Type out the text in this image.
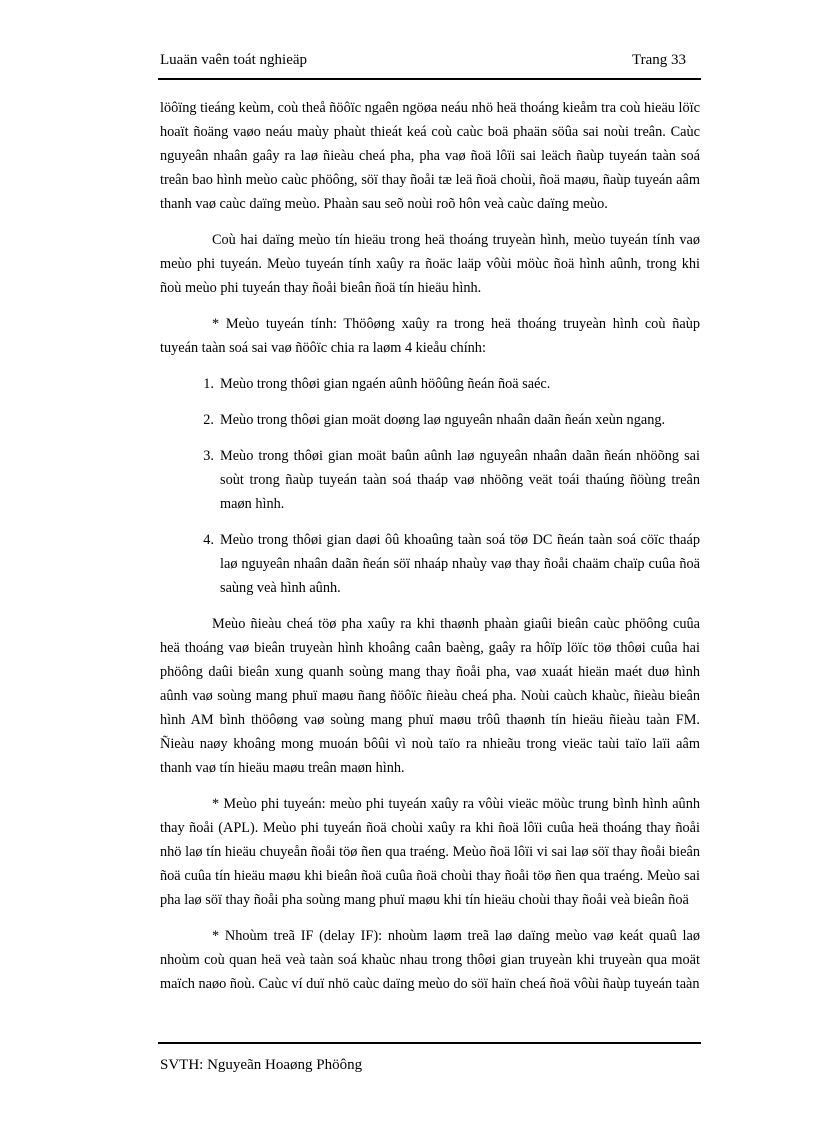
Luaän vaên toát nghieäp	Trang 33

löôïng tieáng keùm, coù theå ñöôïc ngaên ngöøa neáu nhö heä thoáng kieåm tra coù hieäu löïc hoaït ñoäng vaøo neáu maùy phaùt thieát keá coù caùc boä phaän söûa sai noùi treân. Caùc nguyeân nhaân gaây ra laø ñieàu cheá pha, pha vaø ñoä lôïi sai leäch ñaùp tuyeán taàn soá treân bao hình meùo caùc phöông, söï thay ñoåi tæ leä ñoä choùi, ñoä maøu, ñaùp tuyeán aâm thanh vaø caùc daïng meùo. Phaàn sau seõ noùi roõ hôn veà caùc daïng meùo.

Coù hai daïng meùo tín hieäu trong heä thoáng truyeàn hình, meùo tuyeán tính vaø meùo phi tuyeán. Meùo tuyeán tính xaûy ra ñoäc laäp vôùi möùc ñoä hình aûnh, trong khi ñoù meùo phi tuyeán thay ñoåi bieân ñoä tín hieäu hình.

* Meùo tuyeán tính: Thöôøng xaûy ra trong heä thoáng truyeàn hình coù ñaùp tuyeán taàn soá sai vaø ñöôïc chia ra laøm 4 kieåu chính:

1. Meùo trong thôøi gian ngaén aûnh höôûng ñeán ñoä saéc.
2. Meùo trong thôøi gian moät doøng laø nguyeân nhaân daãn ñeán xeùn ngang.
3. Meùo trong thôøi gian moät baûn aûnh laø nguyeân nhaân daãn ñeán nhöõng sai soùt trong ñaùp tuyeán taàn soá thaáp vaø nhöõng veät toái thaúng ñöùng treân maøn hình.
4. Meùo trong thôøi gian daøi ôû khoaûng taàn soá töø DC ñeán taàn soá cöïc thaáp laø nguyeân nhaân daãn ñeán söï nhaáp nhaùy vaø thay ñoåi chaäm chaïp cuûa ñoä saùng veà hình aûnh.

Meùo ñieàu cheá töø pha xaûy ra khi thaønh phaàn giaûi bieân caùc phöông cuûa heä thoáng vaø bieân truyeàn hình khoâng caân baèng, gaây ra hôïp löïc töø thôøi cuûa hai phöông daûi bieân xung quanh soùng mang thay ñoåi pha, vaø xuaát hieän maét duø hình aûnh vaø soùng mang phuï maøu ñang ñöôïc ñieàu cheá pha. Noùi caùch khaùc, ñieàu bieân hình AM bình thöôøng vaø soùng mang phuï maøu trôû thaønh tín hieäu ñieàu taàn FM. Ñieàu naøy khoâng mong muoán bôûi vì noù taïo ra nhieãu trong vieäc taùi taïo laïi aâm thanh vaø tín hieäu maøu treân maøn hình.

* Meùo phi tuyeán: meùo phi tuyeán xaûy ra vôùi vieäc möùc trung bình hình aûnh thay ñoåi (APL). Meùo phi tuyeán ñoä choùi xaûy ra khi ñoä lôïi cuûa heä thoáng thay ñoåi nhö laø tín hieäu chuyeån ñoåi töø ñen qua traéng. Meùo ñoä lôïi vi sai laø söï thay ñoåi bieân ñoä cuûa tín hieäu maøu khi bieân ñoä cuûa ñoä choùi thay ñoåi töø ñen qua traéng. Meùo sai pha laø söï thay ñoåi pha soùng mang phuï maøu khi tín hieäu choùi thay ñoåi veà bieân ñoä

* Nhoùm treã IF (delay IF): nhoùm laøm treã laø daïng meùo vaø keát quaû laø nhoùm coù quan heä veà taàn soá khaùc nhau trong thôøi gian truyeàn khi truyeàn qua moät maïch naøo ñoù. Caùc ví duï nhö caùc daïng meùo do söï haïn cheá ñoä vôùi ñaùp tuyeán taàn

SVTH: Nguyeãn Hoaøng Phöông
